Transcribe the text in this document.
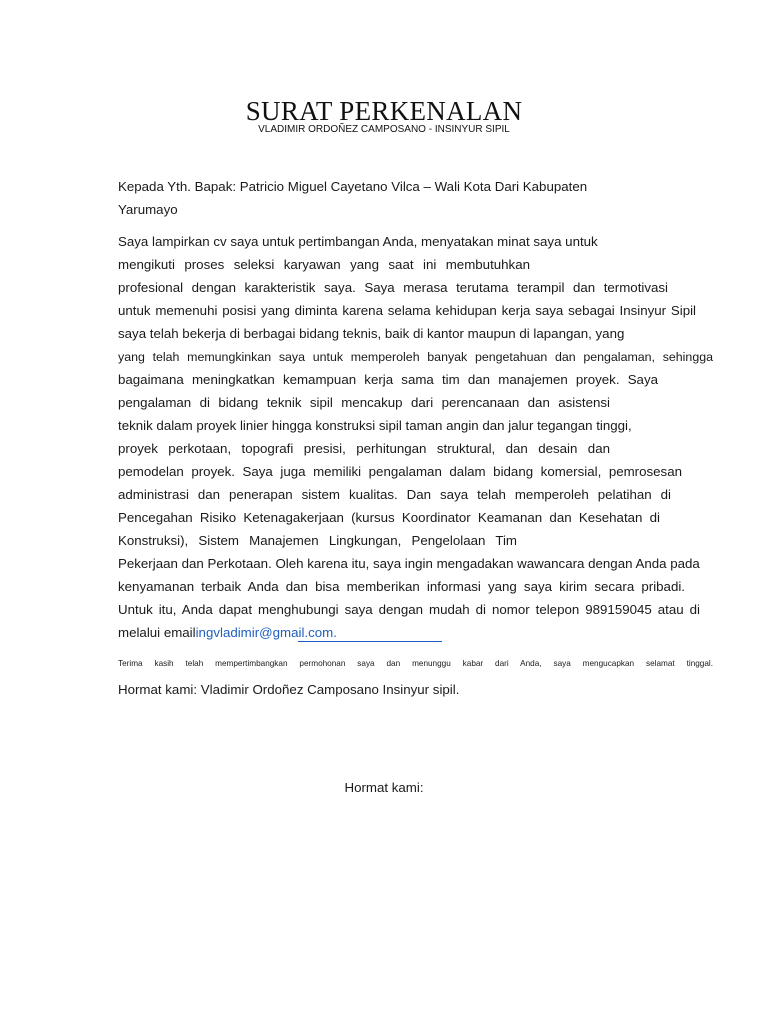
SURAT PERKENALAN
VLADIMIR ORDOÑEZ CAMPOSANO - INSINYUR SIPIL
Kepada Yth. Bapak: Patricio Miguel Cayetano Vilca – Wali Kota Dari Kabupaten
Yarumayo
Saya lampirkan cv saya untuk pertimbangan Anda, menyatakan minat saya untuk
mengikuti proses seleksi karyawan yang saat ini membutuhkan
profesional dengan karakteristik saya. Saya merasa terutama terampil dan termotivasi
untuk memenuhi posisi yang diminta karena selama kehidupan kerja saya sebagai Insinyur Sipil
saya telah bekerja di berbagai bidang teknis, baik di kantor maupun di lapangan, yang
yang telah memungkinkan saya untuk memperoleh banyak pengetahuan dan pengalaman, sehingga
bagaimana meningkatkan kemampuan kerja sama tim dan manajemen proyek. Saya
pengalaman di bidang teknik sipil mencakup dari perencanaan dan asistensi
teknik dalam proyek linier hingga konstruksi sipil taman angin dan jalur tegangan tinggi,
proyek perkotaan, topografi presisi, perhitungan struktural, dan desain dan
pemodelan proyek. Saya juga memiliki pengalaman dalam bidang komersial, pemrosesan
administrasi dan penerapan sistem kualitas. Dan saya telah memperoleh pelatihan di
Pencegahan Risiko Ketenagakerjaan (kursus Koordinator Keamanan dan Kesehatan di
Konstruksi), Sistem Manajemen Lingkungan, Pengelolaan Tim
Pekerjaan dan Perkotaan. Oleh karena itu, saya ingin mengadakan wawancara dengan Anda pada
kenyamanan terbaik Anda dan bisa memberikan informasi yang saya kirim secara pribadi.
Untuk itu, Anda dapat menghubungi saya dengan mudah di nomor telepon 989159045 atau di
melalui emailingvladimir@gmail.com.
Terima kasih telah mempertimbangkan permohonan saya dan menunggu kabar dari Anda, saya mengucapkan selamat tinggal.
Hormat kami: Vladimir Ordoñez Camposano Insinyur sipil.
Hormat kami:
